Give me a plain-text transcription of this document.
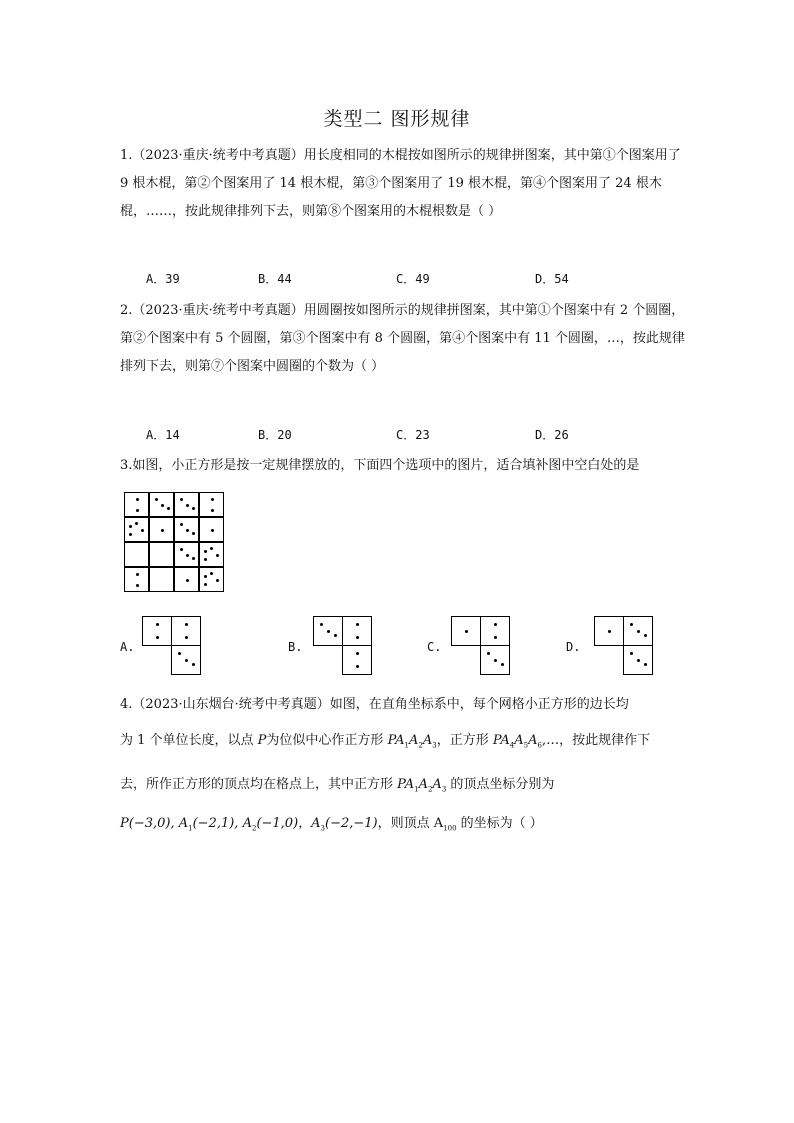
类型二 图形规律
1.（2023·重庆·统考中考真题）用长度相同的木棍按如图所示的规律拼图案，其中第①个图案用了 9 根木棍，第②个图案用了 14 根木棍，第③个图案用了 19 根木棍，第④个图案用了 24 根木棍，……，按此规律排列下去，则第⑧个图案用的木棍根数是（ ）
A．39	B．44	C．49	D．54
2.（2023·重庆·统考中考真题）用圆圈按如图所示的规律拼图案，其中第①个图案中有 2 个圆圈，第②个图案中有 5 个圆圈，第③个图案中有 8 个圆圈，第④个图案中有 11 个圆圈，…，按此规律排列下去，则第⑦个图案中圆圈的个数为（ ）
A．14	B．20	C．23	D．26
3.如图，小正方形是按一定规律摆放的，下面四个选项中的图片，适合填补图中空白处的是
A.	B.	C.	D.
4.（2023·山东烟台·统考中考真题）如图，在直角坐标系中，每个网格小正方形的边长均
为 1 个单位长度，以点 P为位似中心作正方形 $PA_1A_2A_3$，正方形 $PA_4A_5A_6,\dots$，按此规律作下
去，所作正方形的顶点均在格点上，其中正方形 $PA_1A_2A_3$ 的顶点坐标分别为
P(−3,0), $A_1(-2,1)$, $A_2(-1,0)$，$A_3(-2,-1)$，则顶点 $A_{100}$ 的坐标为（ ）
